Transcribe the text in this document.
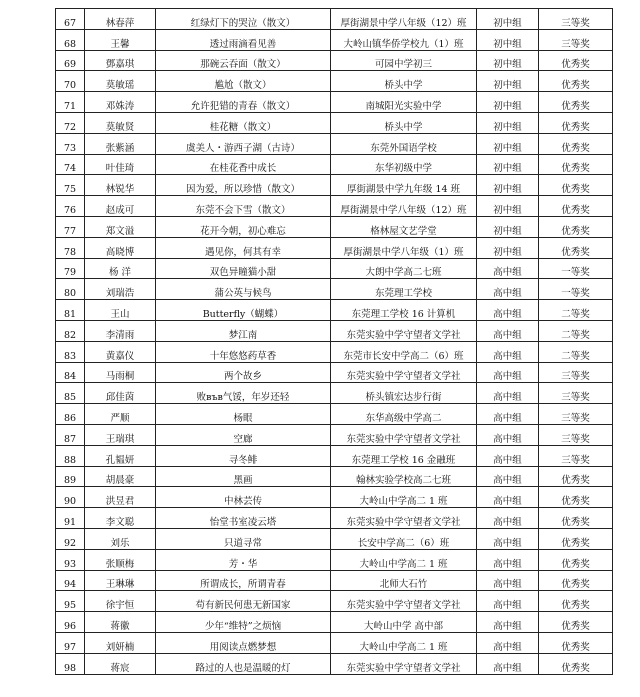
67	林春萍	红绿灯下的哭泣（散文）	厚街湖景中学八年级（12）班	初中组	三等奖
68	王馨	透过雨滴看见善	大岭山镇华侨学校九（1）班	初中组	三等奖
69	鄧嘉琪	那碗云吞面（散文）	可园中学初三	初中组	优秀奖
70	莫敏瑶	尴尬（散文）	桥头中学	初中组	优秀奖
71	邓姝涛	允许犯错的青春（散文）	南城阳光实验中学	初中组	优秀奖
72	莫敏贤	桂花糖（散文）	桥头中学	初中组	优秀奖
73	张紫涵	虞美人・游西子湖（古诗）	东莞外国语学校	初中组	优秀奖
74	叶佳琦	在桂花香中成长	东华初级中学	初中组	优秀奖
75	林锐华	因为爱，所以珍惜（散文）	厚街湖景中学九年级 14 班	初中组	优秀奖
76	赵成可	东莞不会下雪（散文）	厚街湖景中学八年级（12）班	初中组	优秀奖
77	郑文溢	花开今朝，初心难忘	格林屋文艺学堂	初中组	优秀奖
78	高晓博	遇见你，何其有幸	厚街湖景中学八年级（1）班	初中组	优秀奖
79	杨 洋	双色异瞳猫小甜	大朗中学高二七班	高中组	一等奖
80	刘瑞浩	蒲公英与候鸟	东莞理工学校	高中组	一等奖
81	王山	Butterfly（蝴蝶）	东莞理工学校 16 计算机	高中组	二等奖
82	李清雨	梦江南	东莞实验中学守望者文学社	高中组	二等奖
83	黄嘉仪	十年悠悠药草香	东莞市长安中学高二（6）班	高中组	二等奖
84	马雨桐	两个故乡	东莞实验中学守望者文学社	高中组	三等奖
85	邱佳茵	败във气馁，年岁还轻	桥头镇宏达步行街	高中组	三等奖
86	严顺	杨眼	东华高级中学高二	高中组	三等奖
87	王瑞琪	空廊	东莞实验中学守望者文学社	高中组	三等奖
88	孔韫妍	寻冬鲱	东莞理工学校 16 金融班	高中组	三等奖
89	胡晨豪	黑画	翰林实验学校高二七班	高中组	优秀奖
90	洪昱君	中林芸传	大岭山中学高二 1 班	高中组	优秀奖
91	李文聪	怡堂书室凌云塔	东莞实验中学守望者文学社	高中组	优秀奖
92	刘乐	只道寻常	长安中学高二（6）班	高中组	优秀奖
93	张顺梅	芳・华	大岭山中学高二 1 班	高中组	优秀奖
94	王琳琳	所谓成长，所谓青春	北师大石竹	高中组	优秀奖
95	徐宇恒	苟有新民何患无新国家	东莞实验中学守望者文学社	高中组	优秀奖
96	蒋徽	少年“维特”之烦恼	大岭山中学 高中部	高中组	优秀奖
97	刘妍楠	用阅读点燃梦想	大岭山中学高二 1 班	高中组	优秀奖
98	蒋宸	路过的人也是温暖的灯	东莞实验中学守望者文学社	高中组	优秀奖
